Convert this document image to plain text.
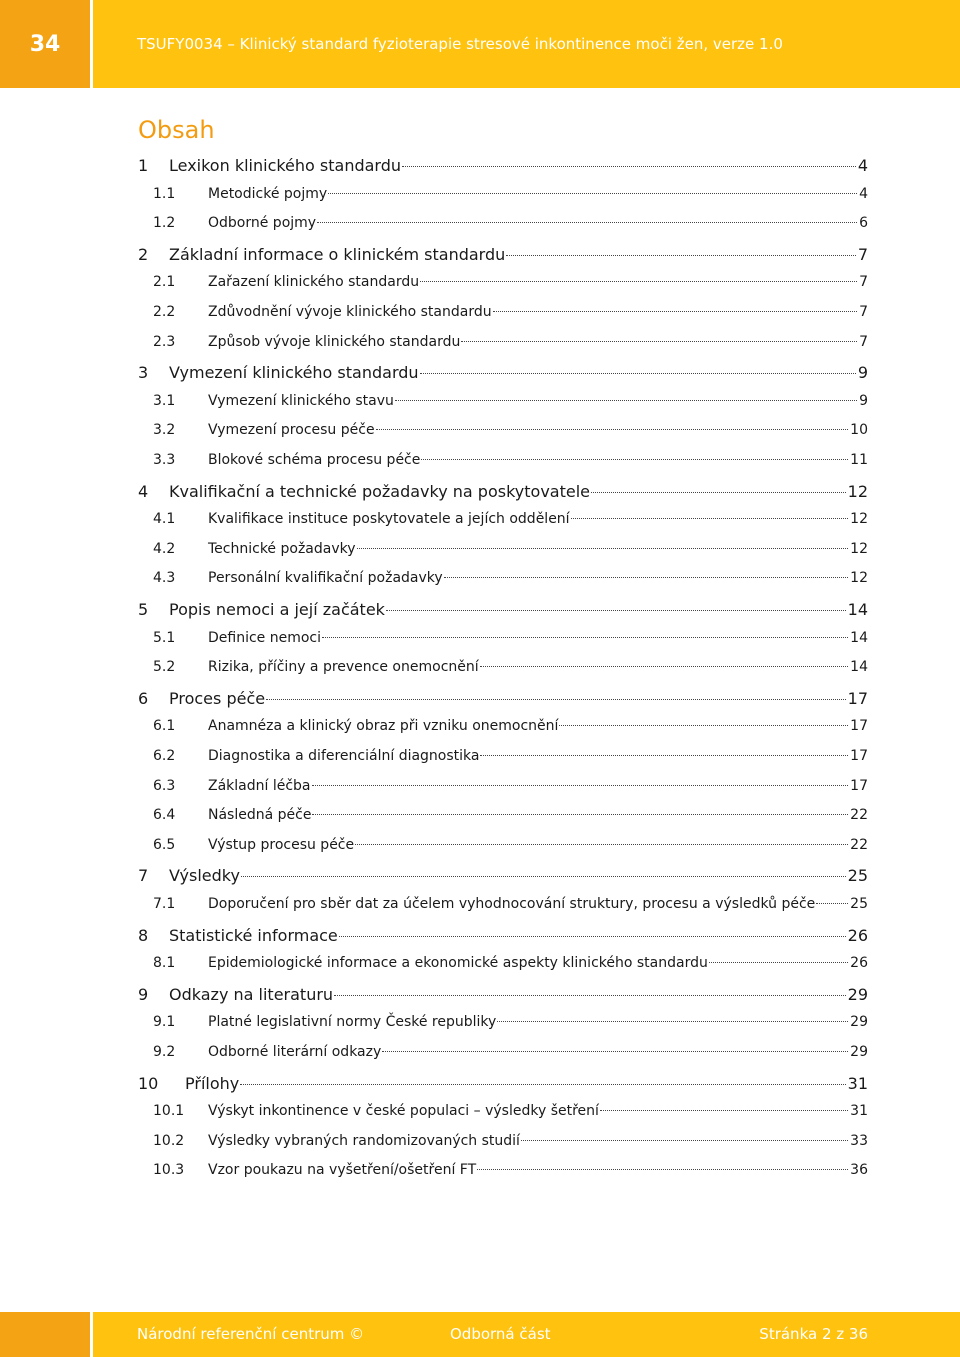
34	TSUFY0034 – Klinický standard fyzioterapie stresové inkontinence moči žen, verze 1.0
Obsah
1	Lexikon klinického standardu	4
1.1	Metodické pojmy	4
1.2	Odborné pojmy	6
2	Základní informace o klinickém standardu	7
2.1	Zařazení klinického standardu	7
2.2	Zdůvodnění vývoje klinického standardu	7
2.3	Způsob vývoje klinického standardu	7
3	Vymezení klinického standardu	9
3.1	Vymezení klinického stavu	9
3.2	Vymezení procesu péče	10
3.3	Blokové schéma procesu péče	11
4	Kvalifikační a technické požadavky na poskytovatele	12
4.1	Kvalifikace instituce poskytovatele a jejích oddělení	12
4.2	Technické požadavky	12
4.3	Personální kvalifikační požadavky	12
5	Popis nemoci a její začátek	14
5.1	Definice nemoci	14
5.2	Rizika, příčiny a prevence onemocnění	14
6	Proces péče	17
6.1	Anamnéza a klinický obraz při vzniku onemocnění	17
6.2	Diagnostika a diferenciální diagnostika	17
6.3	Základní léčba	17
6.4	Následná péče	22
6.5	Výstup procesu péče	22
7	Výsledky	25
7.1	Doporučení pro sběr dat za účelem vyhodnocování struktury, procesu a výsledků péče 25
8	Statistické informace	26
8.1	Epidemiologické informace a ekonomické aspekty klinického standardu	26
9	Odkazy na literaturu	29
9.1	Platné legislativní normy České republiky	29
9.2	Odborné literární odkazy	29
10	Přílohy	31
10.1	Výskyt inkontinence v české populaci – výsledky šetření	31
10.2	Výsledky vybraných randomizovaných studií	33
10.3	Vzor poukazu na vyšetření/ošetření FT	36
Národní referenční centrum ©	Odborná část	Stránka 2 z 36
